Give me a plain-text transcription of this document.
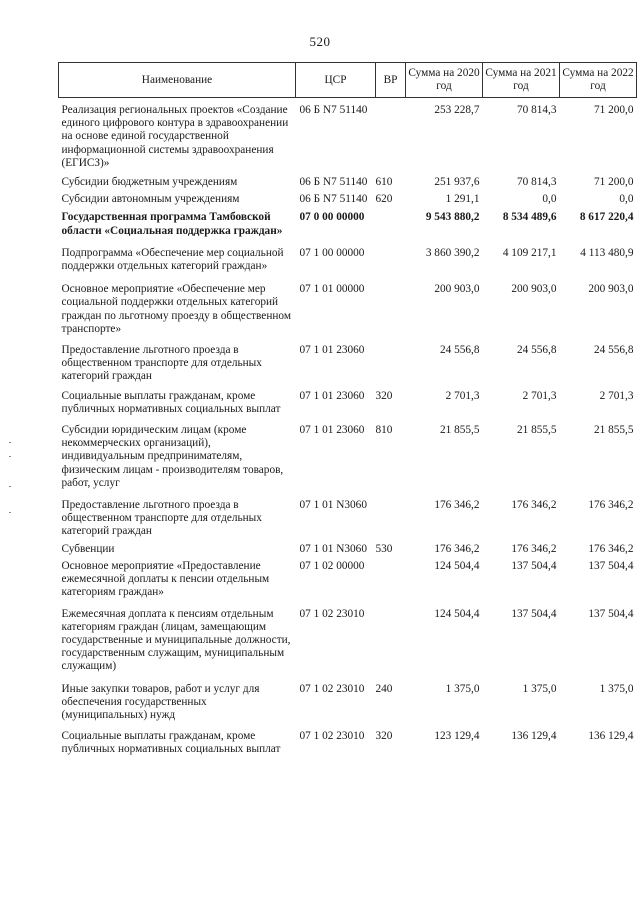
520
Наименование	ЦСР	ВР	Сумма на 2020 год	Сумма на 2021 год	Сумма на 2022 год
Реализация региональных проектов «Создание единого цифрового контура в здравоохранении на основе единой государственной информационной системы здравоохранения (ЕГИСЗ)»	06 Б N7 51140		253 228,7	70 814,3	71 200,0
Субсидии бюджетным учреждениям	06 Б N7 51140	610	251 937,6	70 814,3	71 200,0
Субсидии автономным учреждениям	06 Б N7 51140	620	1 291,1	0,0	0,0
Государственная программа Тамбовской области «Социальная поддержка граждан»	07 0 00 00000		9 543 880,2	8 534 489,6	8 617 220,4
Подпрограмма «Обеспечение мер социальной поддержки отдельных категорий граждан»	07 1 00 00000		3 860 390,2	4 109 217,1	4 113 480,9
Основное мероприятие «Обеспечение мер социальной поддержки отдельных категорий граждан по льготному проезду в общественном транспорте»	07 1 01 00000		200 903,0	200 903,0	200 903,0
Предоставление льготного проезда в общественном транспорте для отдельных категорий граждан	07 1 01 23060		24 556,8	24 556,8	24 556,8
Социальные выплаты гражданам, кроме публичных нормативных социальных выплат	07 1 01 23060	320	2 701,3	2 701,3	2 701,3
Субсидии юридическим лицам (кроме некоммерческих организаций), индивидуальным предпринимателям, физическим лицам - производителям товаров, работ, услуг	07 1 01 23060	810	21 855,5	21 855,5	21 855,5
Предоставление льготного проезда в общественном транспорте для отдельных категорий граждан	07 1 01 N3060		176 346,2	176 346,2	176 346,2
Субвенции	07 1 01 N3060	530	176 346,2	176 346,2	176 346,2
Основное мероприятие «Предоставление ежемесячной доплаты к пенсии отдельным категориям граждан»	07 1 02 00000		124 504,4	137 504,4	137 504,4
Ежемесячная доплата к пенсиям отдельным категориям граждан (лицам, замещающим государственные и муниципальные должности, государственным служащим, муниципальным служащим)	07 1 02 23010		124 504,4	137 504,4	137 504,4
Иные закупки товаров, работ и услуг для обеспечения государственных (муниципальных) нужд	07 1 02 23010	240	1 375,0	1 375,0	1 375,0
Социальные выплаты гражданам, кроме публичных нормативных социальных выплат	07 1 02 23010	320	123 129,4	136 129,4	136 129,4
